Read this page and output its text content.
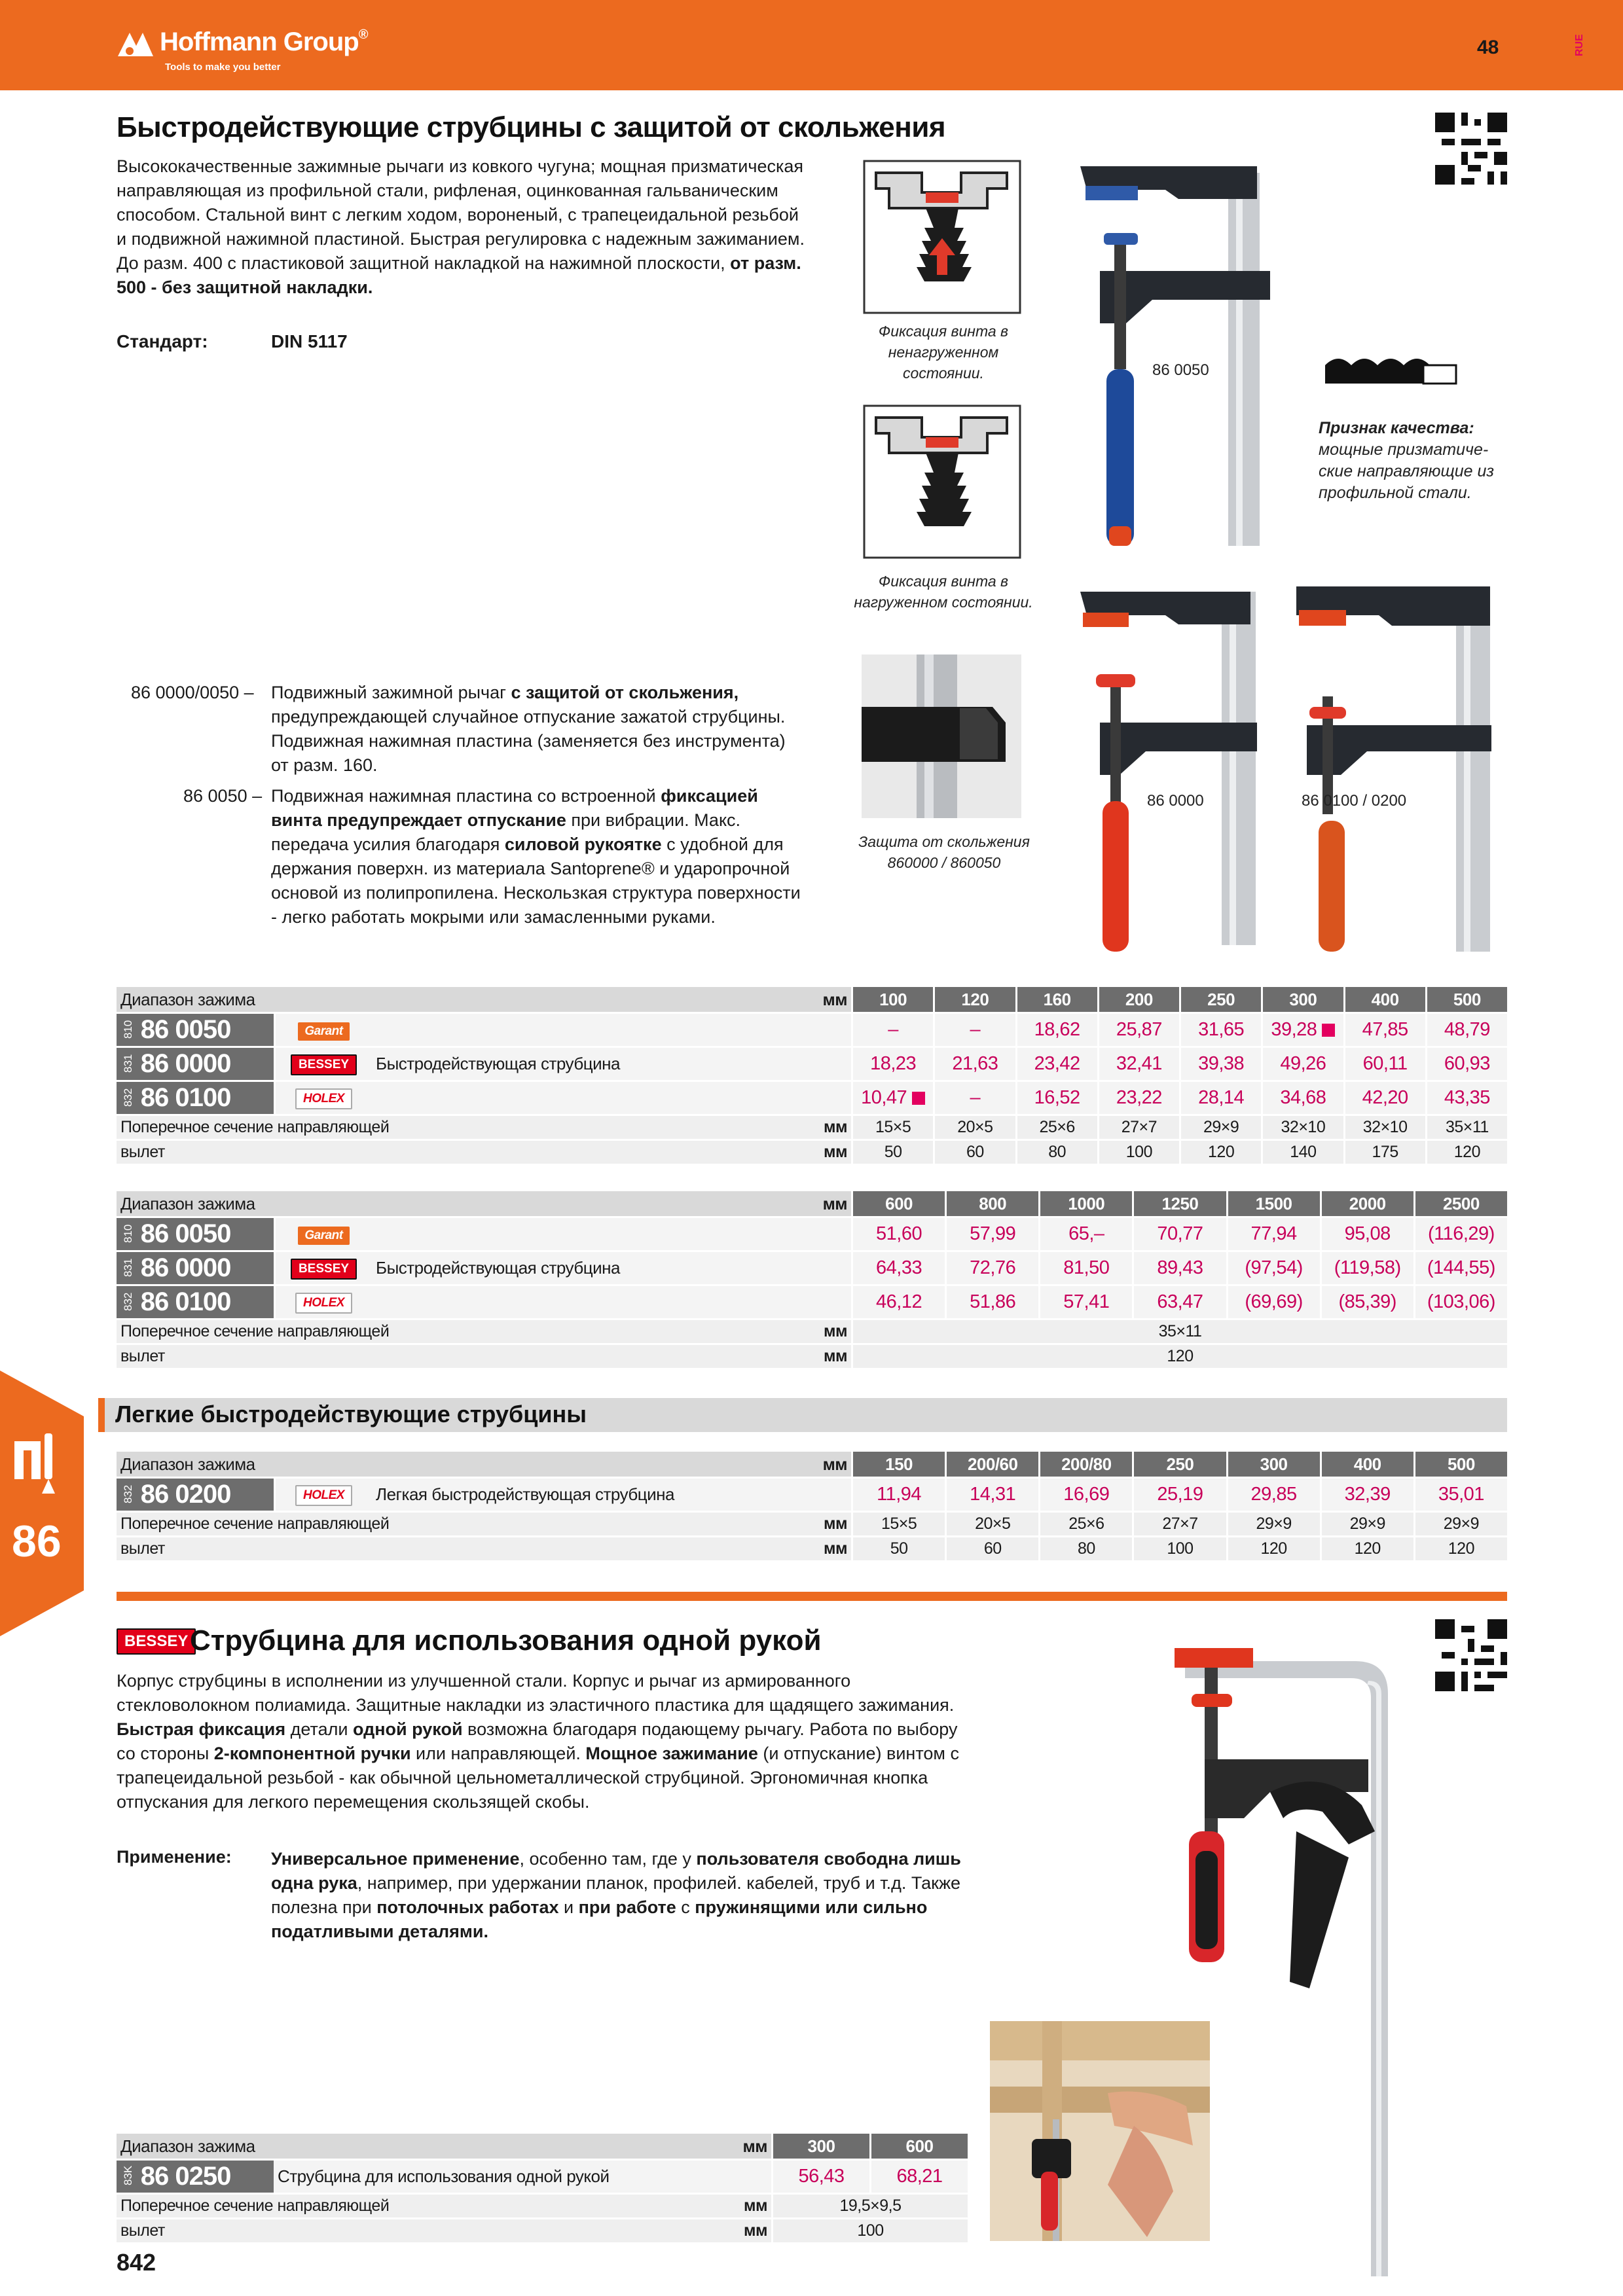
Hoffmann Group®
Tools to make you better
48	RUE
Быстродействующие струбцины с защитой от скольжения
Высококачественные зажимные рычаги из ковкого чугуна; мощная призматическая направляющая из профильной стали, рифленая, оцинкованная гальваническим способом. Стальной винт с легким ходом, вороненый, с трапецеидальной резьбой и подвижной нажимной пластиной. Быстрая регулировка с надежным зажиманием. До разм. 400 с пластиковой защитной накладкой на нажимной плоскости, от разм. 500 - без защитной накладки.
Стандарт:	DIN 5117	Фиксация винта в ненагруженном состоянии.
Фиксация винта в нагруженном состоянии.
Защита от скольжения 860000 / 860050
86 0050
Признак качества:
мощные призматиче- ские направляющие из профильной стали.
86 0000	86 0100 / 0200
86 0000/0050 – Подвижный зажимной рычаг с защитой от скольжения, предупреждающей случайное отпускание зажатой струбцины. Подвижная нажимная пластина (заменяется без инструмента) от разм. 160.
86 0050 – Подвижная нажимная пластина со встроенной фиксацией винта предупреждает отпускание при вибрации. Макс. передача усилия благодаря силовой рукоятке с удобной для держания поверхн. из материала Santoprene® и ударопрочной основой из полипропилена. Нескользкая структура поверхности - легко работать мокрыми или замасленными руками.
Диапазон зажима			мм	100	120	160	200	250	300	400	500
810 86 0050	Garant			–	–	18,62	25,87	31,65	39,28	47,85	48,79
831 86 0000	BESSEY	Быстродействующая струбцина		18,23	21,63	23,42	32,41	39,38	49,26	60,11	60,93
832 86 0100	HOLEX			10,47	–	16,52	23,22	28,14	34,68	42,20	43,35
Поперечное сечение направляющей			мм	15×5	20×5	25×6	27×7	29×9	32×10	32×10	35×11
вылет			мм	50	60	80	100	120	140	175	120
Диапазон зажима			мм	600	800	1000	1250	1500	2000	2500
810 86 0050	Garant			51,60	57,99	65,–	70,77	77,94	95,08	(116,29)
831 86 0000	BESSEY	Быстродействующая струбцина		64,33	72,76	81,50	89,43	(97,54)	(119,58)	(144,55)
832 86 0100	HOLEX			46,12	51,86	57,41	63,47	(69,69)	(85,39)	(103,06)
Поперечное сечение направляющей			мм	35×11						
вылет			мм	120						
Легкие быстродействующие струбцины
Диапазон зажима			мм	150	200/60	200/80	250	300	400	500
832 86 0200	HOLEX	Легкая быстродействующая струбцина		11,94	14,31	16,69	25,19	29,85	32,39	35,01
Поперечное сечение направляющей			мм	15×5	20×5	25×6	27×7	29×9	29×9	29×9
вылет			мм	50	60	80	100	120	120	120
86
BESSEY Струбцина для использования одной рукой
Корпус струбцины в исполнении из улучшенной стали. Корпус и рычаг из армированного стекловолокном полиамида. Защитные накладки из эластичного пластика для щадящего зажимания. Быстрая фиксация детали одной рукой возможна благодаря подающему рычагу. Работа по выбору со стороны 2-компонентной ручки или направляющей. Мощное зажимание (и отпускание) винтом с трапецеидальной резьбой - как обычной цельнометаллической струбциной. Эргономичная кнопка отпускания для легкого перемещения скользящей скобы.
Применение: Универсальное применение, особенно там, где у пользователя свободна лишь одна рука, например, при удержании планок, профилей. кабелей, труб и т.д. Также полезна при потолочных работах и при работе с пружинящими или сильно податливыми деталями.
Диапазон зажима		мм	300	600
83K 86 0250	Струбцина для использования одной рукой		56,43	68,21
Поперечное сечение направляющей		мм	19,5×9,5	
вылет		мм	100	
842
